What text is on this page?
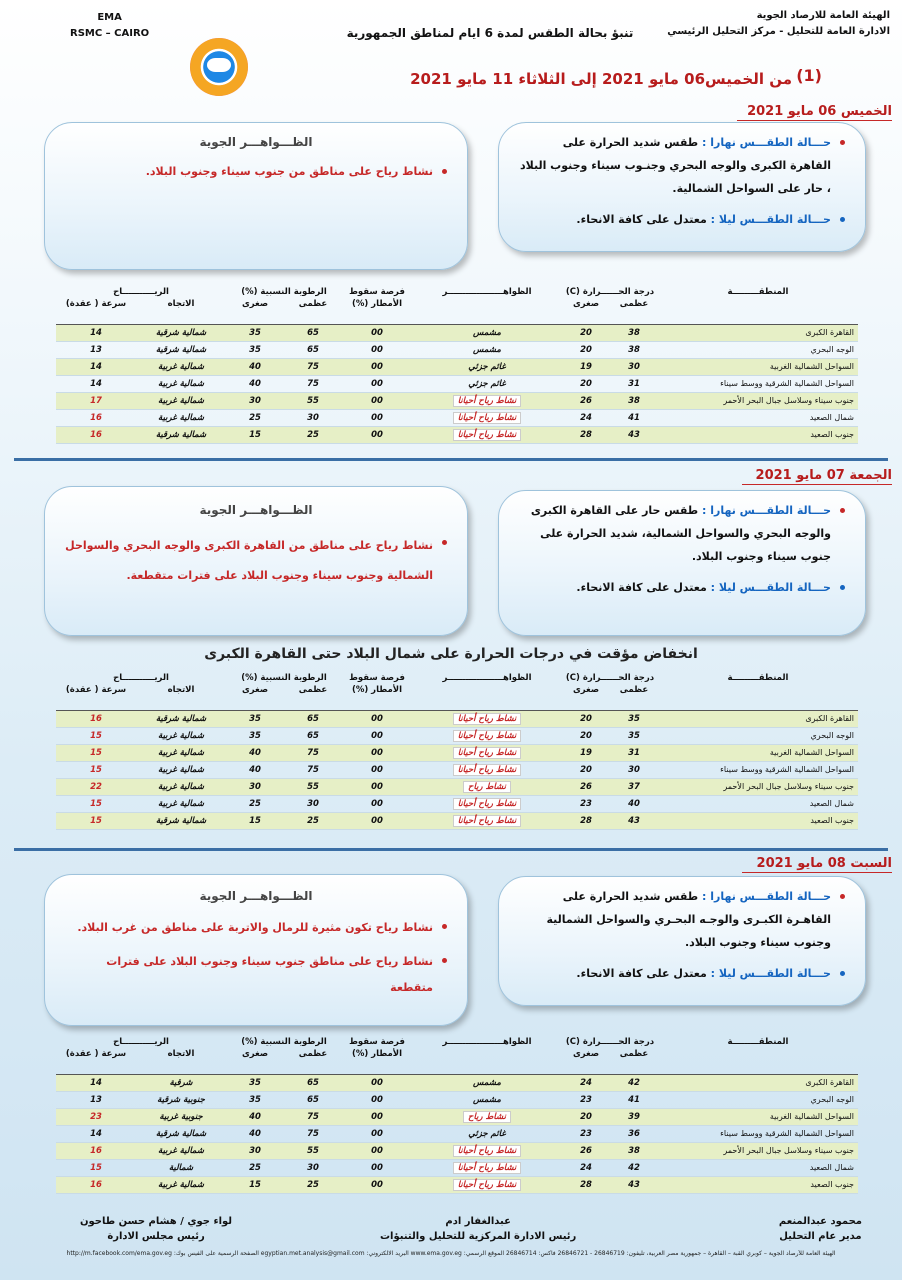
الهيئة العامة للارصاد الجوية
الادارة العامة للتحليل - مركز التحليل الرئيسي
EMA
RSMC – CAIRO	تنبؤ بحالة الطقس لمدة 6 ايام لمناطق الجمهورية
(1)
من الخميس06 مايو 2021 إلى الثلاثاء 11 مايو 2021
الخميس 06 مايو 2021
حـــالة الطقـــس نهارا : طقس شديد الحرارة على القاهرة الكبرى والوجه البحري وجنـوب سيناء وجنوب البلاد ، حار على السواحل الشمالية.
حـــالة الطقـــس ليلا : معتدل على كافة الانحاء.
الظـــواهـــر الجوية
نشاط رياح على مناطق من جنوب سيناء وجنوب البلاد.
المنطقـــــــــة	درجة الحــــــرارة (C)		الظواهـــــــــــــــــــر	فرصة سقوط الأمطار (%)	الرطوبة النسبية (%)		الريـــــــــــاح	
	عظمى	صغرى			عظمى	صغرى	الاتجاه	سرعة ( عقدة)

القاهرة الكبرى	38	20	مشمس	00	65	35	شمالية شرقية	14
الوجه البحري	38	20	مشمس	00	65	35	شمالية شرقية	13
السواحل الشمالية الغربية	30	19	غائم جزئي	00	75	40	شمالية غربية	14
السواحل الشمالية الشرقية ووسط سيناء	31	20	غائم جزئي	00	75	40	شمالية غربية	14
جنوب سيناء وسلاسل جبال البحر الأحمر	38	26	نشاط رياح أحيانا	00	55	30	شمالية غربية	17
شمال الصعيد	41	24	نشاط رياح أحيانا	00	30	25	شمالية غربية	16
جنوب الصعيد	43	28	نشاط رياح أحيانا	00	25	15	شمالية شرقية	16
الجمعة 07 مايو 2021
حـــالة الطقـــس نهارا : طقس حار على القاهرة الكبرى والوجه البحري والسواحل الشمالية، شديد الحرارة على جنوب سيناء وجنوب البلاد.
حـــالة الطقـــس ليلا : معتدل على كافة الانحاء.
الظـــواهـــر الجوية
نشاط رياح على مناطق من القاهرة الكبرى والوجه البحري والسواحل الشمالية وجنوب سيناء وجنوب البلاد على فترات متقطعة.
انخفاض مؤقت في درجات الحرارة على شمال البلاد حتى القاهرة الكبرى
المنطقـــــــــة	درجة الحــــــرارة (C)		الظواهـــــــــــــــــــر	فرصة سقوط الأمطار (%)	الرطوبة النسبية (%)		الريـــــــــــاح	
	عظمى	صغرى			عظمى	صغرى	الاتجاه	سرعة ( عقدة)

القاهرة الكبرى	35	20	نشاط رياح أحيانا	00	65	35	شمالية شرقية	16
الوجه البحري	35	20	نشاط رياح أحيانا	00	65	35	شمالية غربية	15
السواحل الشمالية الغربية	31	19	نشاط رياح أحيانا	00	75	40	شمالية غربية	15
السواحل الشمالية الشرقية ووسط سيناء	30	20	نشاط رياح أحيانا	00	75	40	شمالية غربية	15
جنوب سيناء وسلاسل جبال البحر الأحمر	37	26	نشاط رياح	00	55	30	شمالية غربية	22
شمال الصعيد	40	23	نشاط رياح أحيانا	00	30	25	شمالية غربية	15
جنوب الصعيد	43	28	نشاط رياح أحيانا	00	25	15	شمالية شرقية	15
السبت 08 مايو 2021
حـــالة الطقـــس نهارا : طقس شديد الحرارة على القاهـرة الكبـرى والوجـه البحـري والسواحل الشمالية وجنوب سيناء وجنوب البلاد.
حـــالة الطقـــس ليلا : معتدل على كافة الانحاء.
الظـــواهـــر الجوية
نشاط رياح تكون مثيرة للرمال والاتربة على مناطق من غرب البلاد.
نشاط رياح على مناطق جنوب سيناء وجنوب البلاد على فترات متقطعة
المنطقـــــــــة	درجة الحــــــرارة (C)		الظواهـــــــــــــــــــر	فرصة سقوط الأمطار (%)	الرطوبة النسبية (%)		الريـــــــــــاح	
	عظمى	صغرى			عظمى	صغرى	الاتجاه	سرعة ( عقدة)

القاهرة الكبرى	42	24	مشمس	00	65	35	شرقية	14
الوجه البحري	41	23	مشمس	00	65	35	جنوبية شرقية	13
السواحل الشمالية الغربية	39	20	نشاط رياح	00	75	40	جنوبية غربية	23
السواحل الشمالية الشرقية ووسط سيناء	36	23	غائم جزئي	00	75	40	شمالية شرقية	14
جنوب سيناء وسلاسل جبال البحر الأحمر	38	26	نشاط رياح أحيانا	00	55	30	شمالية غربية	16
شمال الصعيد	42	24	نشاط رياح أحيانا	00	30	25	شمالية	15
جنوب الصعيد	43	28	نشاط رياح أحيانا	00	25	15	شمالية غربية	16
محمود عبدالمنعم
مدير عام التحليل
عبدالغفار ادم
رئيس الادارة المركزية للتحليل والتنبؤات
لواء جوي / هشام حسن طاحون
رئيس مجلس الادارة
الهيئة العامة للأرصاد الجوية – كوبري القبة – القاهرة – جمهورية مصر العربية، تليفون: 26846719 - 26846721 فاكس: 26846714 الموقع الرسمي: www.ema.gov.eg البريد الالكتروني: egyptian.met.analysis@gmail.com الصفحة الرسمية على الفيس بوك: http://m.facebook.com/ema.gov.eg
